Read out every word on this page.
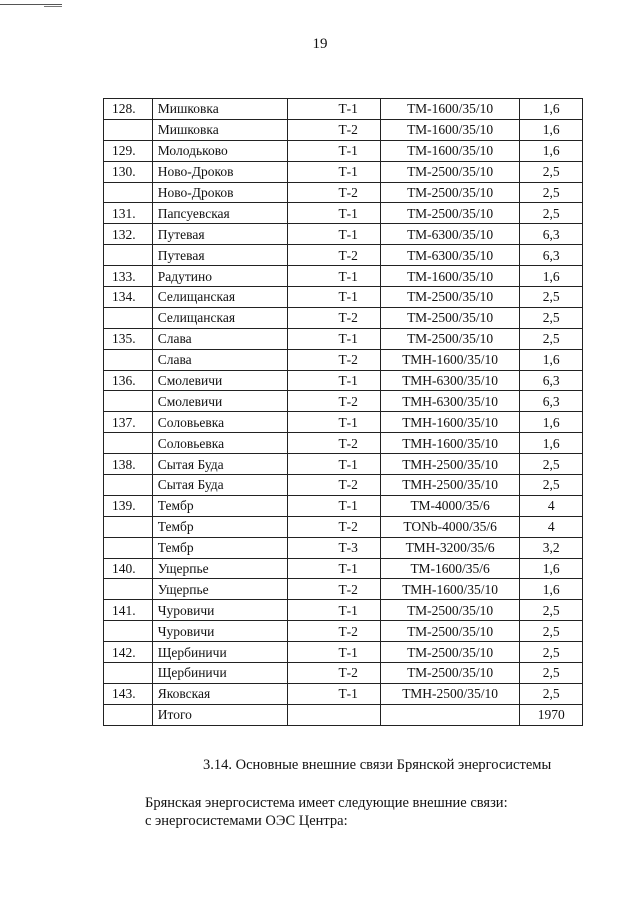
19
128.	Мишковка	Т-1	ТМ-1600/35/10	1,6
	Мишковка	Т-2	ТМ-1600/35/10	1,6
129.	Молодьково	Т-1	ТМ-1600/35/10	1,6
130.	Ново-Дроков	Т-1	ТМ-2500/35/10	2,5
	Ново-Дроков	Т-2	ТМ-2500/35/10	2,5
131.	Папсуевская	Т-1	ТМ-2500/35/10	2,5
132.	Путевая	Т-1	ТМ-6300/35/10	6,3
	Путевая	Т-2	ТМ-6300/35/10	6,3
133.	Радутино	Т-1	ТМ-1600/35/10	1,6
134.	Селищанская	Т-1	ТМ-2500/35/10	2,5
	Селищанская	Т-2	ТМ-2500/35/10	2,5
135.	Слава	Т-1	ТМ-2500/35/10	2,5
	Слава	Т-2	ТМН-1600/35/10	1,6
136.	Смолевичи	Т-1	ТМН-6300/35/10	6,3
	Смолевичи	Т-2	ТМН-6300/35/10	6,3
137.	Соловьевка	Т-1	ТМН-1600/35/10	1,6
	Соловьевка	Т-2	ТМН-1600/35/10	1,6
138.	Сытая Буда	Т-1	ТМН-2500/35/10	2,5
	Сытая Буда	Т-2	ТМН-2500/35/10	2,5
139.	Тембр	Т-1	ТМ-4000/35/6	4
	Тембр	Т-2	TONb-4000/35/6	4
	Тембр	Т-3	ТМН-3200/35/6	3,2
140.	Ущерпье	Т-1	ТМ-1600/35/6	1,6
	Ущерпье	Т-2	ТМН-1600/35/10	1,6
141.	Чуровичи	Т-1	ТМ-2500/35/10	2,5
	Чуровичи	Т-2	ТМ-2500/35/10	2,5
142.	Щербиничи	Т-1	ТМ-2500/35/10	2,5
	Щербиничи	Т-2	ТМ-2500/35/10	2,5
143.	Яковская	Т-1	ТМН-2500/35/10	2,5
	Итого			1970
3.14. Основные внешние связи Брянской энергосистемы
Брянская энергосистема имеет следующие внешние связи:
с энергосистемами ОЭС Центра:
